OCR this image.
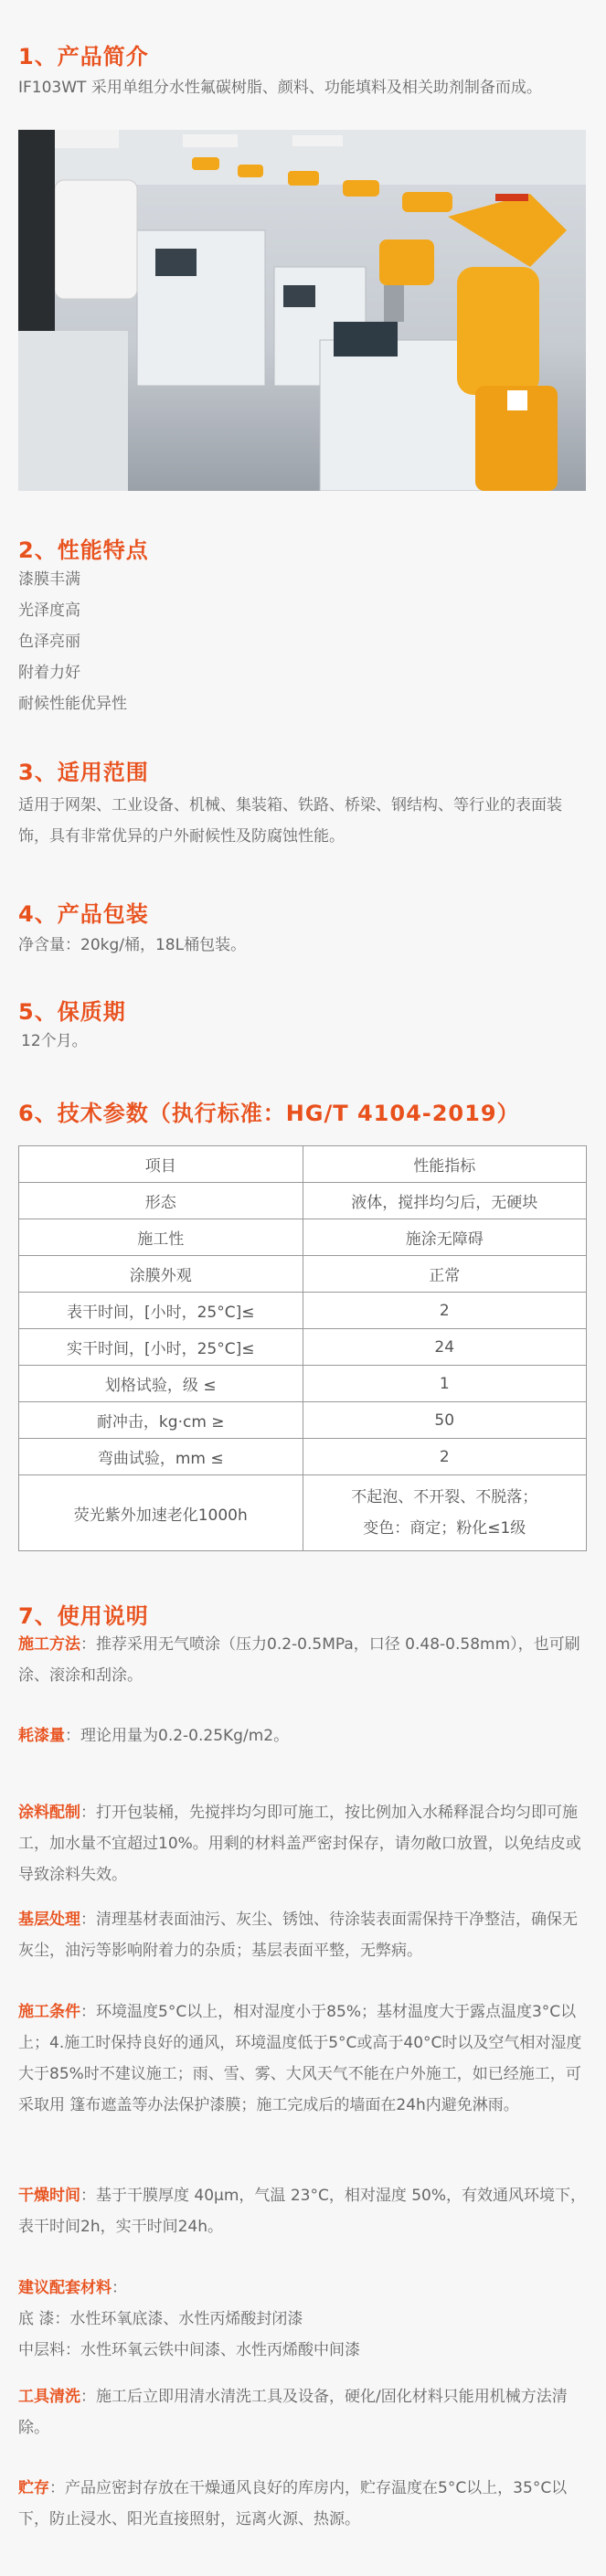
1、产品简介
IF103WT 采用单组分水性氟碳树脂、颜料、功能填料及相关助剂制备而成。
2、性能特点
漆膜丰满
光泽度高
色泽亮丽
附着力好
耐候性能优异性
3、适用范围
适用于网架、工业设备、机械、集装箱、铁路、桥梁、钢结构、等行业的表面装饰，具有非常优异的户外耐候性及防腐蚀性能。
4、产品包装
净含量：20kg/桶，18L桶包装。
5、保质期
12个月。
6、技术参数（执行标准：HG/T 4104-2019）
项目	性能指标
形态	液体，搅拌均匀后，无硬块
施工性	施涂无障碍
涂膜外观	正常
表干时间，[小时，25°C]≤	2
实干时间，[小时，25°C]≤	24
划格试验，级 ≤	1
耐冲击，kg·cm ≥	50
弯曲试验，mm ≤	2
荧光紫外加速老化1000h	不起泡、不开裂、不脱落；
变色：商定；粉化≤1级
7、使用说明
施工方法：推荐采用无气喷涂（压力0.2-0.5MPa，口径 0.48-0.58mm），也可刷涂、滚涂和刮涂。
耗漆量：理论用量为0.2-0.25Kg/m2。
涂料配制：打开包装桶，先搅拌均匀即可施工，按比例加入水稀释混合均匀即可施工，加水量不宜超过10%。用剩的材料盖严密封保存，请勿敞口放置，以免结皮或导致涂料失效。
基层处理：清理基材表面油污、灰尘、锈蚀、待涂装表面需保持干净整洁，确保无灰尘，油污等影响附着力的杂质；基层表面平整，无弊病。
施工条件：环境温度5°C以上，相对湿度小于85%；基材温度大于露点温度3°C以上；4.施工时保持良好的通风，环境温度低于5°C或高于40°C时以及空气相对湿度大于85%时不建议施工；雨、雪、雾、大风天气不能在户外施工，如已经施工，可采取用 篷布遮盖等办法保护漆膜；施工完成后的墙面在24h内避免淋雨。
干燥时间：基于干膜厚度 40μm，气温 23°C，相对湿度 50%，有效通风环境下，表干时间2h，实干时间24h。
建议配套材料：
底 漆：水性环氧底漆、水性丙烯酸封闭漆
中层料：水性环氧云铁中间漆、水性丙烯酸中间漆
工具清洗：施工后立即用清水清洗工具及设备，硬化/固化材料只能用机械方法清除。
贮存：产品应密封存放在干燥通风良好的库房内，贮存温度在5°C以上，35°C以下，防止浸水、阳光直接照射，远离火源、热源。
